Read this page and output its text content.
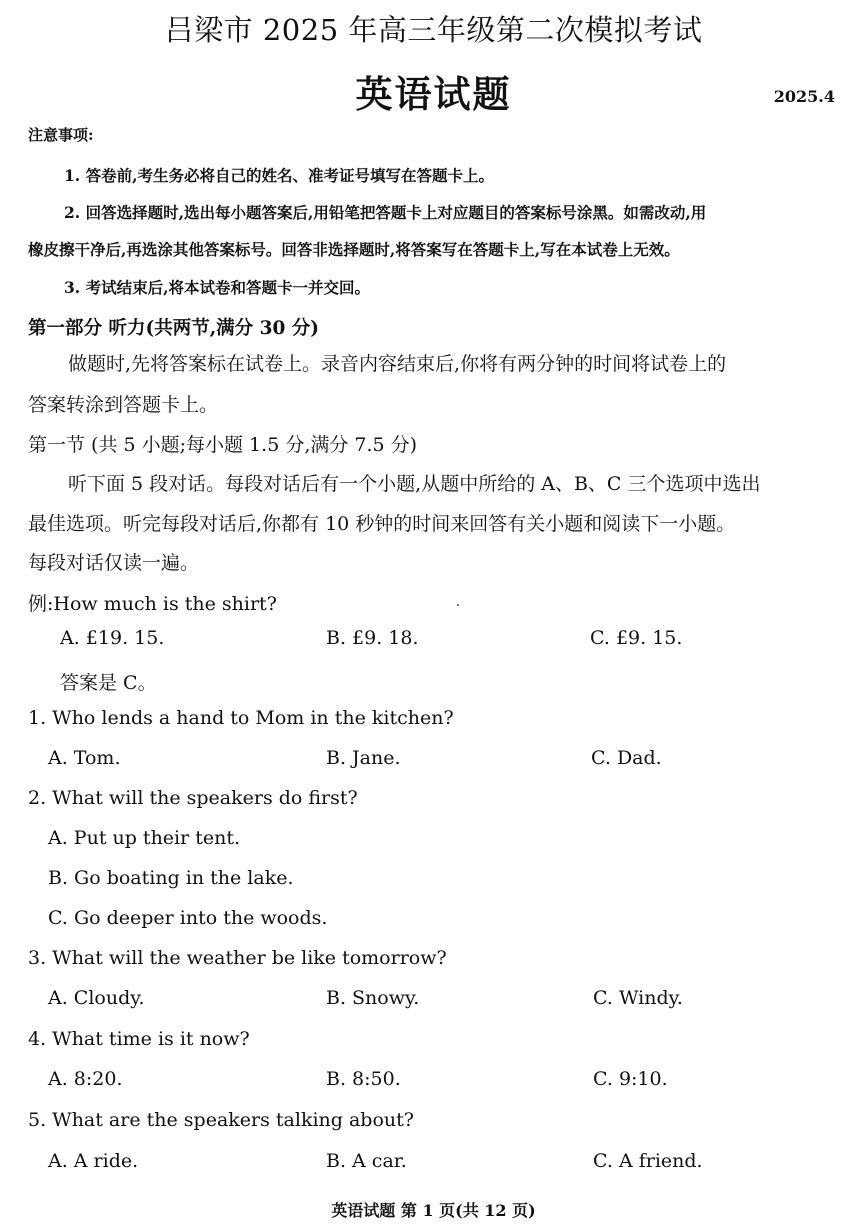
吕梁市 2025 年高三年级第二次模拟考试
英语试题	2025.4
注意事项:
1. 答卷前,考生务必将自己的姓名、准考证号填写在答题卡上。
2. 回答选择题时,选出每小题答案后,用铅笔把答题卡上对应题目的答案标号涂黑。如需改动,用
橡皮擦干净后,再选涂其他答案标号。回答非选择题时,将答案写在答题卡上,写在本试卷上无效。
3. 考试结束后,将本试卷和答题卡一并交回。
第一部分 听力(共两节,满分 30 分)
做题时,先将答案标在试卷上。录音内容结束后,你将有两分钟的时间将试卷上的
答案转涂到答题卡上。
第一节 (共 5 小题;每小题 1.5 分,满分 7.5 分)
听下面 5 段对话。每段对话后有一个小题,从题中所给的 A、B、C 三个选项中选出
最佳选项。听完每段对话后,你都有 10 秒钟的时间来回答有关小题和阅读下一小题。
每段对话仅读一遍。
例:How much is the shirt?
A. £19. 15.	B. £9. 18.	C. £9. 15.
答案是 C。
1. Who lends a hand to Mom in the kitchen?
A. Tom.	B. Jane.	C. Dad.
2. What will the speakers do first?
A. Put up their tent.
B. Go boating in the lake.
C. Go deeper into the woods.
3. What will the weather be like tomorrow?
A. Cloudy.	B. Snowy.	C. Windy.
4. What time is it now?
A. 8:20.	B. 8:50.	C. 9:10.
5. What are the speakers talking about?
A. A ride.	B. A car.	C. A friend.
英语试题 第 1 页(共 12 页)
